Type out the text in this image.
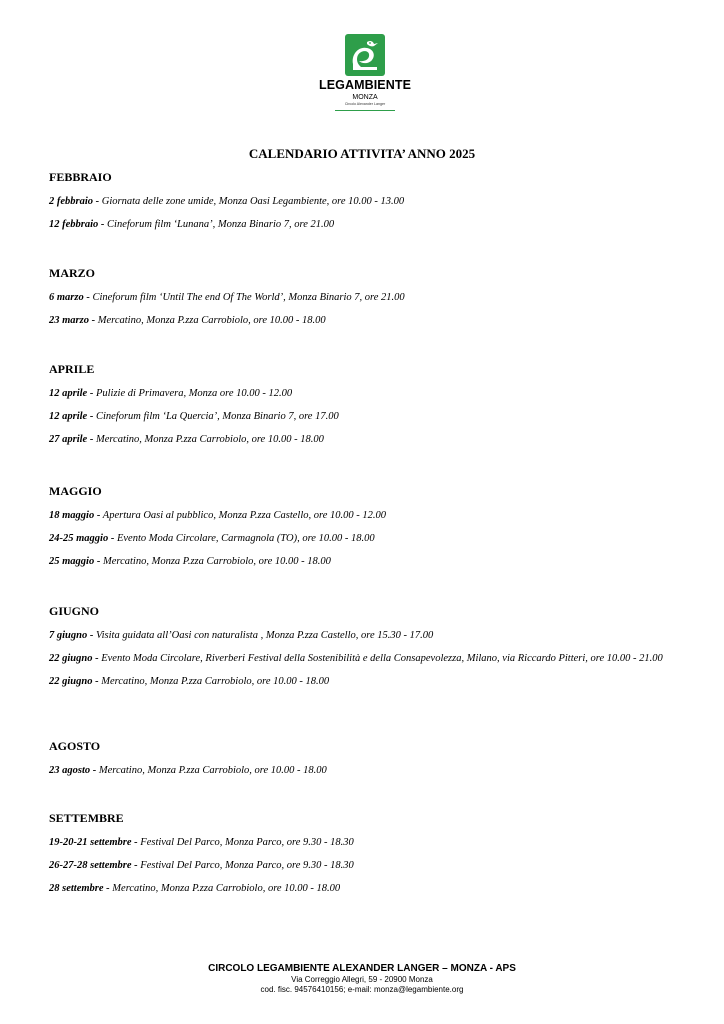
LEGAMBIENTE
MONZA
Circolo Alexander Langer
CALENDARIO ATTIVITA’ ANNO 2025
FEBBRAIO
2 febbraio - Giornata delle zone umide, Monza Oasi Legambiente, ore 10.00 - 13.00
12 febbraio - Cineforum film ‘Lunana’, Monza Binario 7, ore 21.00
MARZO
6 marzo - Cineforum film ‘Until The end Of The World’, Monza Binario 7, ore 21.00
23 marzo - Mercatino, Monza P.zza Carrobiolo, ore 10.00 - 18.00
APRILE
12 aprile - Pulizie di Primavera, Monza ore 10.00 - 12.00
12 aprile - Cineforum film ‘La Quercia’, Monza Binario 7, ore 17.00
27 aprile - Mercatino, Monza P.zza Carrobiolo, ore 10.00 - 18.00
MAGGIO
18 maggio - Apertura Oasi al pubblico, Monza P.zza Castello, ore 10.00 - 12.00
24-25 maggio - Evento Moda Circolare, Carmagnola (TO), ore 10.00 - 18.00
25 maggio - Mercatino, Monza P.zza Carrobiolo, ore 10.00 - 18.00
GIUGNO
7 giugno - Visita guidata all’Oasi con naturalista , Monza P.zza Castello, ore 15.30 - 17.00
22 giugno - Evento Moda Circolare, Riverberi Festival della Sostenibilità e della Consapevolezza, Milano, via Riccardo Pitteri, ore 10.00 - 21.00
22 giugno - Mercatino, Monza P.zza Carrobiolo, ore 10.00 - 18.00
AGOSTO
23 agosto - Mercatino, Monza P.zza Carrobiolo, ore 10.00 - 18.00
SETTEMBRE
19-20-21 settembre - Festival Del Parco, Monza Parco, ore 9.30 - 18.30
26-27-28 settembre - Festival Del Parco, Monza Parco, ore 9.30 - 18.30
28 settembre - Mercatino, Monza P.zza Carrobiolo, ore 10.00 - 18.00
CIRCOLO LEGAMBIENTE ALEXANDER LANGER – MONZA - APS
Via Correggio Allegri, 59 - 20900 Monza
cod. fisc. 94576410156; e-mail: monza@legambiente.org
